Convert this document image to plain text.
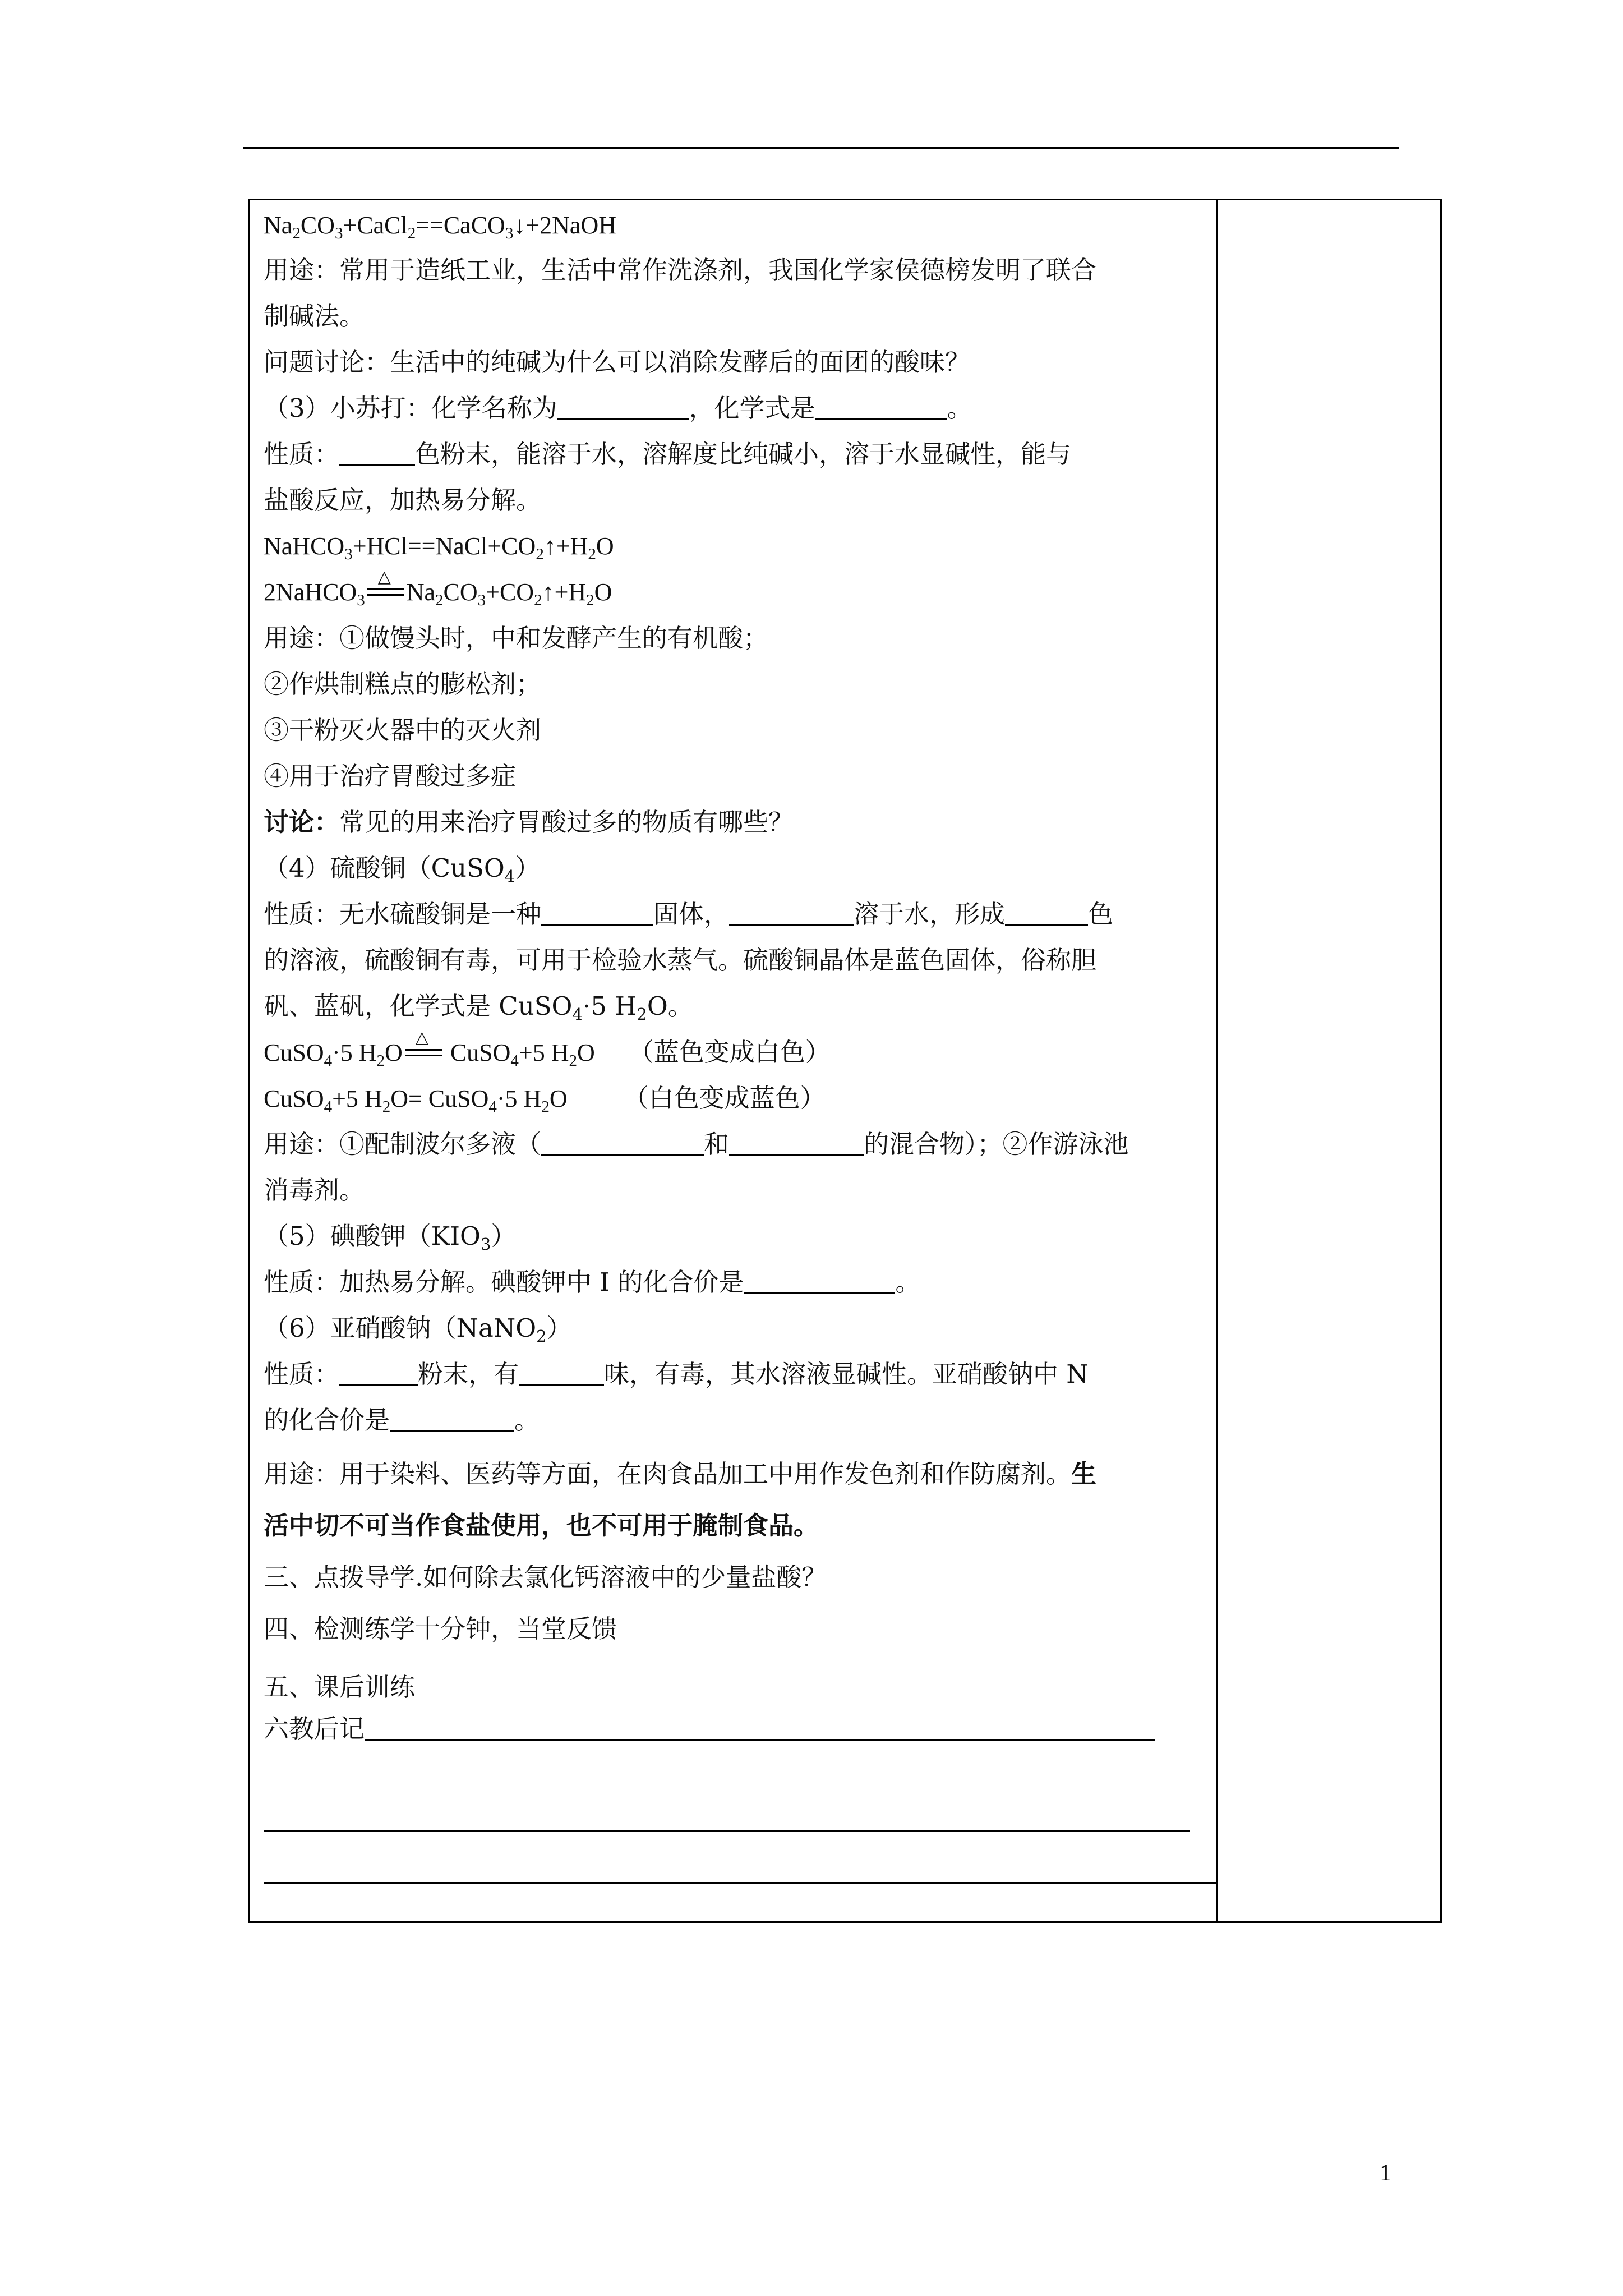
$Na_2CO_3+CaCl_2==CaCO_3↓+2NaOH$
用途：常用于造纸工业，生活中常作洗涤剂，我国化学家侯德榜发明了联合
制碱法。
问题讨论：生活中的纯碱为什么可以消除发酵后的面团的酸味？
（3）小苏打：化学名称为	，化学式是	。
性质：	色粉末，能溶于水，溶解度比纯碱小，溶于水显碱性，能与
盐酸反应，加热易分解。
$NaHCO_3+HCl==NaCl+CO_2↑+H_2O$
2NaHCO$_3$
△
$Na_2CO_3+CO_2↑+H_2O$
用途：①做馒头时，中和发酵产生的有机酸；
②作烘制糕点的膨松剂；
③干粉灭火器中的灭火剂
④用于治疗胃酸过多症
讨论：常见的用来治疗胃酸过多的物质有哪些？
（4）硫酸铜（CuSO$_4$）
性质：无水硫酸铜是一种	固体，	溶于水，形成	色
的溶液，硫酸铜有毒，可用于检验水蒸气。硫酸铜晶体是蓝色固体，俗称胆
矾、蓝矾，化学式是 CuSO$_4$·5 $H_2O$。
CuSO$_4$·5 $H_2O$
△
CuSO$_4$+5 $H_2O$ （蓝色变成白色）
CuSO$_4$+5 $H_2O=$ CuSO$_4$·5 $H_2O$ （白色变成蓝色）
用途：①配制波尔多液（	和	的混合物）；②作游泳池
消毒剂。
（5）碘酸钾$(KIO_3)$
性质：加热易分解。碘酸钾中 I 的化合价是	。
（6）亚硝酸钠（NaNO$_2$）
性质：	粉末，有	味，有毒，其水溶液显碱性。亚硝酸钠中 N
的化合价是	。
用途：用于染料、医药等方面，在肉食品加工中用作发色剂和作防腐剂。生
活中切不可当作食盐使用，也不可用于腌制食品。
三、点拨导学.如何除去氯化钙溶液中的少量盐酸？
四、检测练学十分钟，当堂反馈
五、课后训练
六教后记
1
